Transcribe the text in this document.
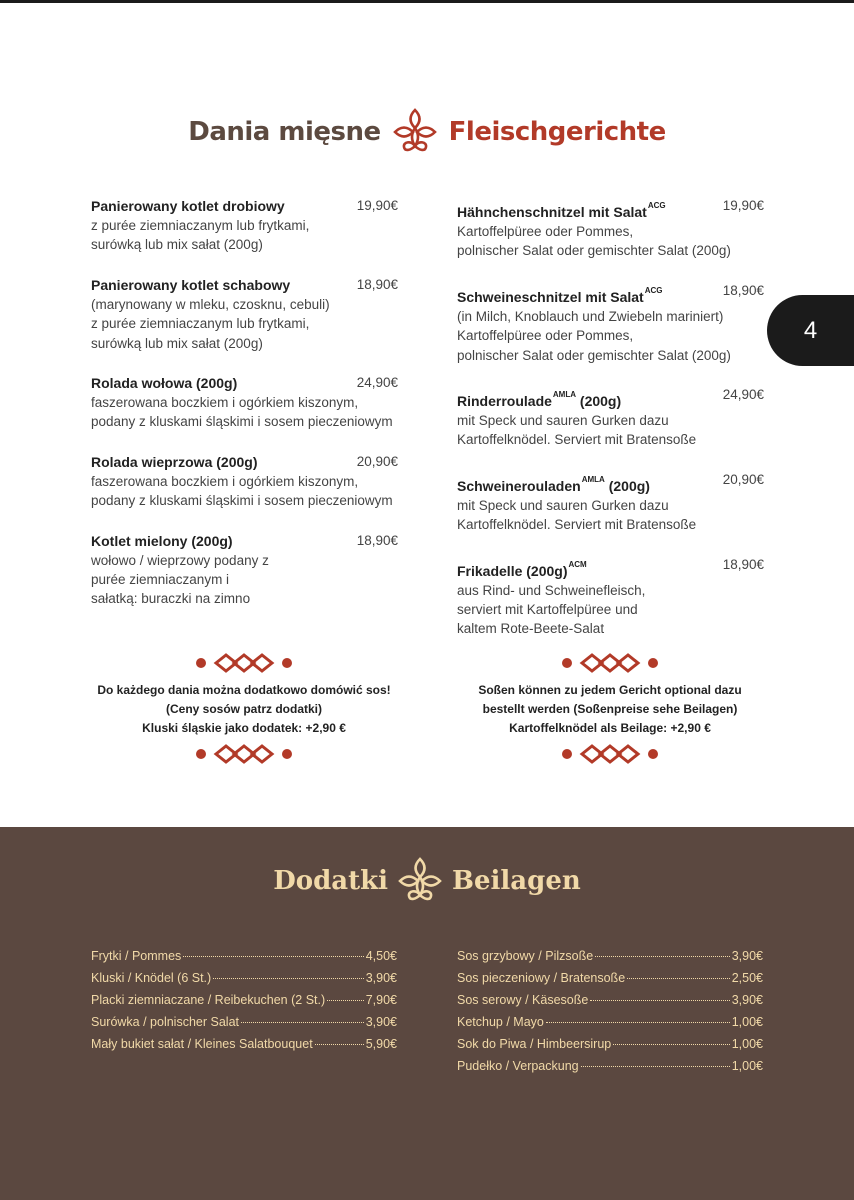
Dania mięsne	Fleischgerichte
4
Panierowany kotlet drobiowy	19,90€
z purée ziemniaczanym lub frytkami,
surówką lub mix sałat (200g)
Panierowany kotlet schabowy	18,90€
(marynowany w mleku, czosknu, cebuli)
z purée ziemniaczanym lub frytkami,
surówką lub mix sałat (200g)
Rolada wołowa (200g)	24,90€
faszerowana boczkiem i ogórkiem kiszonym,
podany z kluskami śląskimi i sosem pieczeniowym
Rolada wieprzowa (200g)	20,90€
faszerowana boczkiem i ogórkiem kiszonym,
podany z kluskami śląskimi i sosem pieczeniowym
Kotlet mielony (200g)	18,90€
wołowo / wieprzowy podany z
purée ziemniaczanym i
sałatką: buraczki na zimno
Hähnchenschnitzel mit Salat$^{ACG}$	19,90€
Kartoffelpüree oder Pommes,
polnischer Salat oder gemischter Salat (200g)
Schweineschnitzel mit Salat$^{ACG}$	18,90€
(in Milch, Knoblauch und Zwiebeln mariniert)
Kartoffelpüree oder Pommes,
polnischer Salat oder gemischter Salat (200g)
Rinderroulade$^{AMLA}$ (200g)	24,90€
mit Speck und sauren Gurken dazu
Kartoffelknödel. Serviert mit Bratensoße
Schweinerouladen$^{AMLA}$ (200g)	20,90€
mit Speck und sauren Gurken dazu
Kartoffelknödel. Serviert mit Bratensoße
Frikadelle $(200g)^{ACM}$	18,90€
aus Rind- und Schweinefleisch,
serviert mit Kartoffelpüree und
kaltem Rote-Beete-Salat
Do każdego dania można dodatkowo domówić sos!
(Ceny sosów patrz dodatki)
Kluski śląskie jako dodatek: +2,90 €
Soßen können zu jedem Gericht optional dazu
bestellt werden (Soßenpreise sehe Beilagen)
Kartoffelknödel als Beilage: +2,90 €
Dodatki Beilagen
Frytki / Pommes	4,50€
Kluski / Knödel (6 St.)	3,90€
Placki ziemniaczane / Reibekuchen (2 St.)	7,90€
Surówka / polnischer Salat	3,90€
Mały bukiet sałat / Kleines Salatbouquet	5,90€
Sos grzybowy / Pilzsoße	3,90€
Sos pieczeniowy / Bratensoße	2,50€
Sos serowy / Käsesoße	3,90€
Ketchup / Mayo	1,00€
Sok do Piwa / Himbeersirup	1,00€
Pudełko / Verpackung	1,00€
